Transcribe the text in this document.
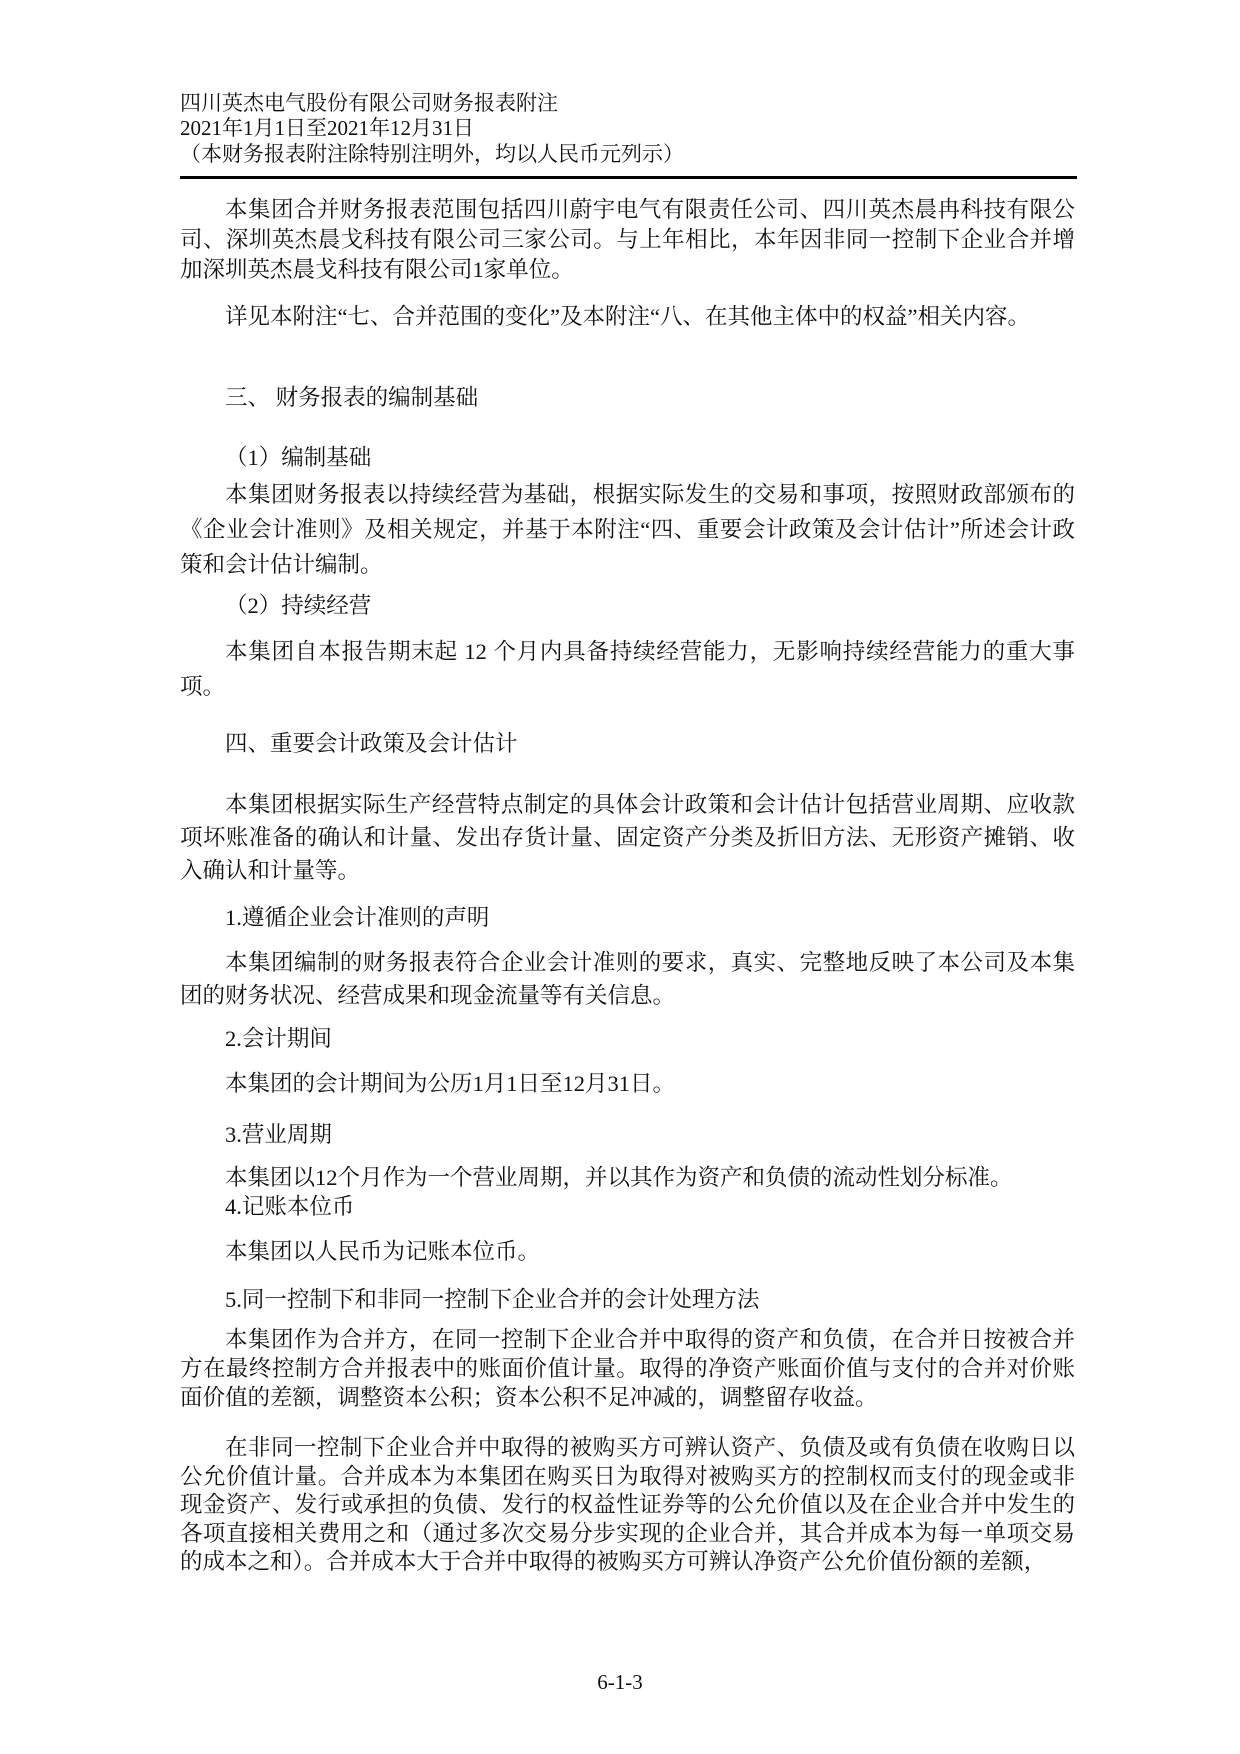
四川英杰电气股份有限公司财务报表附注
2021年1月1日至2021年12月31日
（本财务报表附注除特别注明外，均以人民币元列示）
本集团合并财务报表范围包括四川蔚宇电气有限责任公司、四川英杰晨冉科技有限公司、深圳英杰晨戈科技有限公司三家公司。与上年相比，本年因非同一控制下企业合并增加深圳英杰晨戈科技有限公司1家单位。
详见本附注“七、合并范围的变化”及本附注“八、在其他主体中的权益”相关内容。
三、 财务报表的编制基础
（1）编制基础
本集团财务报表以持续经营为基础，根据实际发生的交易和事项，按照财政部颁布的《企业会计准则》及相关规定，并基于本附注“四、重要会计政策及会计估计”所述会计政策和会计估计编制。
（2）持续经营
本集团自本报告期末起 12 个月内具备持续经营能力，无影响持续经营能力的重大事项。
四、重要会计政策及会计估计
本集团根据实际生产经营特点制定的具体会计政策和会计估计包括营业周期、应收款项坏账准备的确认和计量、发出存货计量、固定资产分类及折旧方法、无形资产摊销、收入确认和计量等。
1.遵循企业会计准则的声明
本集团编制的财务报表符合企业会计准则的要求，真实、完整地反映了本公司及本集团的财务状况、经营成果和现金流量等有关信息。
2.会计期间
本集团的会计期间为公历1月1日至12月31日。
3.营业周期
本集团以12个月作为一个营业周期，并以其作为资产和负债的流动性划分标准。
4.记账本位币
本集团以人民币为记账本位币。
5.同一控制下和非同一控制下企业合并的会计处理方法
本集团作为合并方，在同一控制下企业合并中取得的资产和负债，在合并日按被合并方在最终控制方合并报表中的账面价值计量。取得的净资产账面价值与支付的合并对价账面价值的差额，调整资本公积；资本公积不足冲减的，调整留存收益。
在非同一控制下企业合并中取得的被购买方可辨认资产、负债及或有负债在收购日以公允价值计量。合并成本为本集团在购买日为取得对被购买方的控制权而支付的现金或非现金资产、发行或承担的负债、发行的权益性证券等的公允价值以及在企业合并中发生的各项直接相关费用之和（通过多次交易分步实现的企业合并，其合并成本为每一单项交易的成本之和）。合并成本大于合并中取得的被购买方可辨认净资产公允价值份额的差额，
6-1-3
